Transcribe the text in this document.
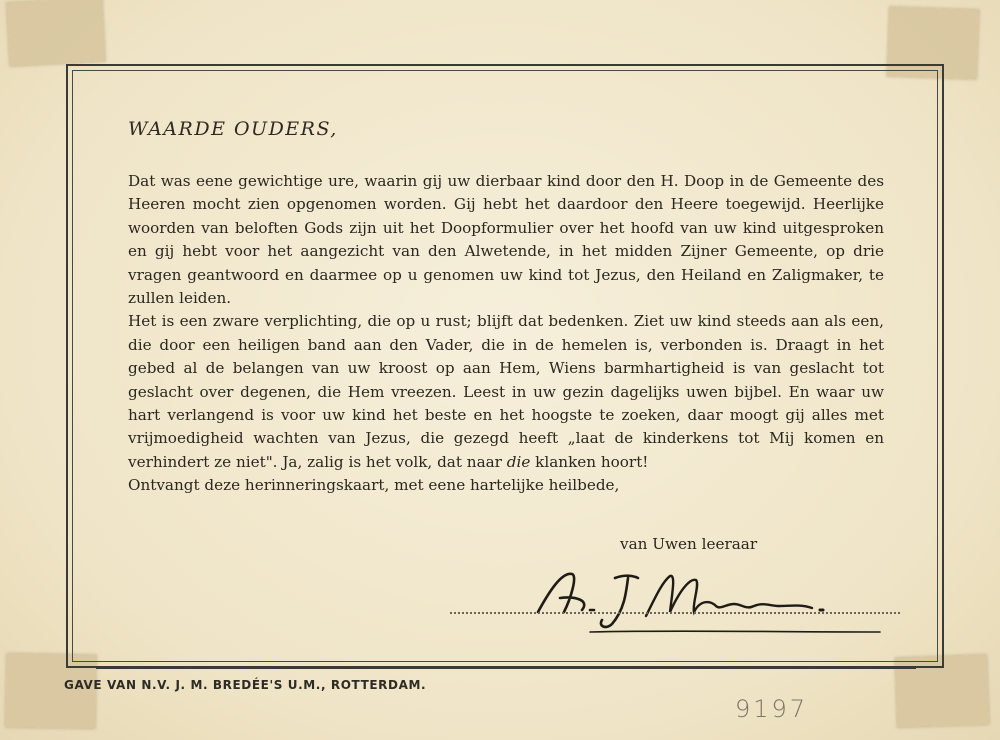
WAARDE OUDERS,

Dat was eene gewichtige ure, waarin gij uw dierbaar kind door den H. Doop in de Gemeente des Heeren mocht zien opgenomen worden. Gij hebt het daardoor den Heere toegewijd. Heerlijke woorden van beloften Gods zijn uit het Doopformulier over het hoofd van uw kind uitgesproken en gij hebt voor het aangezicht van den Alwetende, in het midden Zijner Gemeente, op drie vragen geantwoord en daarmee op u genomen uw kind tot Jezus, den Heiland en Zaligmaker, te zullen leiden.

Het is een zware verplichting, die op u rust; blijft dat bedenken. Ziet uw kind steeds aan als een, die door een heiligen band aan den Vader, die in de hemelen is, verbonden is. Draagt in het gebed al de belangen van uw kroost op aan Hem, Wiens barmhartigheid is van geslacht tot geslacht over degenen, die Hem vreezen. Leest in uw gezin dagelijks uwen bijbel. En waar uw hart verlangend is voor uw kind het beste en het hoogste te zoeken, daar moogt gij alles met vrijmoedigheid wachten van Jezus, die gezegd heeft „laat de kinderkens tot Mij komen en verhindert ze niet". Ja, zalig is het volk, dat naar die klanken hoort!

Ontvangt deze herinneringskaart, met eene hartelijke heilbede,

van Uwen leeraar
GAVE VAN N.V. J. M. BREDÉE'S U.M., ROTTERDAM.
9197
